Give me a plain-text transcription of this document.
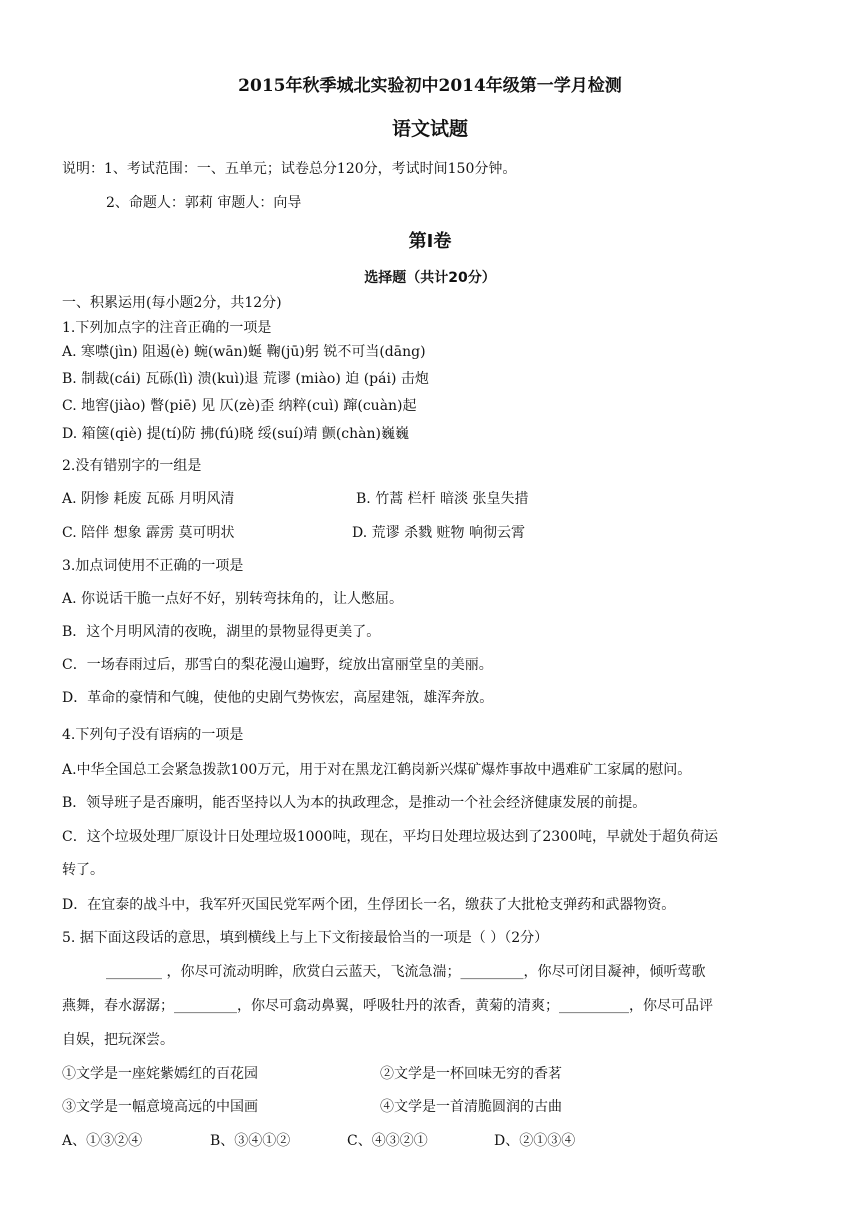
2015年秋季城北实验初中2014年级第一学月检测
语文试题
说明：1、考试范围：一、五单元；试卷总分120分，考试时间150分钟。
2、命题人：郭莉 审题人：向导
第Ⅰ卷
选择题（共计20分）
一、积累运用(每小题2分，共12分)
1.下列加点字的注音正确的一项是
A. 寒噤(jìn) 阻遏(è) 蜿(wān)蜒 鞠(jū)躬 锐不可当(dāng)
B. 制裁(cái) 瓦砾(lì) 溃(kuì)退 荒谬 (miào) 迫 (pái) 击炮
C. 地窖(jiào) 瞥(piē) 见 仄(zè)歪 纳粹(cuì) 蹿(cuàn)起
D. 箱箧(qiè) 提(tí)防 拂(fú)晓 绥(suí)靖 颤(chàn)巍巍
2.没有错别字的一组是
A. 阴惨 耗废 瓦砾 月明风清	B. 竹蒿 栏杆 暗淡 张皇失措
C. 陪伴 想象 霹雳 莫可明状	D. 荒谬 杀戮 赃物 响彻云霄
3.加点词使用不正确的一项是
A. 你说话干脆一点好不好，别转弯抹角的，让人憋屈。
B．这个月明风清的夜晚，湖里的景物显得更美了。
C．一场春雨过后，那雪白的梨花漫山遍野，绽放出富丽堂皇的美丽。
D．革命的豪情和气魄，使他的史剧气势恢宏，高屋建瓴，雄浑奔放。
4.下列句子没有语病的一项是
A.中华全国总工会紧急拨款100万元，用于对在黑龙江鹤岗新兴煤矿爆炸事故中遇难矿工家属的慰问。
B．领导班子是否廉明，能否坚持以人为本的执政理念，是推动一个社会经济健康发展的前提。
C．这个垃圾处理厂原设计日处理垃圾1000吨，现在，平均日处理垃圾达到了2300吨，早就处于超负荷运
转了。
D．在宜泰的战斗中，我军歼灭国民党军两个团，生俘团长一名，缴获了大批枪支弹药和武器物资。
5. 据下面这段话的意思，填到横线上与上下文衔接最恰当的一项是（ ）（2分）
________ ，你尽可流动明眸，欣赏白云蓝天，飞流急湍；_________，你尽可闭目凝神，倾听莺歌
燕舞，春水潺潺；_________，你尽可翕动鼻翼，呼吸牡丹的浓香，黄菊的清爽；__________，你尽可品评
自娱，把玩深尝。
①文学是一座姹紫嫣红的百花园	②文学是一杯回味无穷的香茗
③文学是一幅意境高远的中国画	④文学是一首清脆圆润的古曲
A、①③②④	B、③④①②	C、④③②①	D、②①③④
